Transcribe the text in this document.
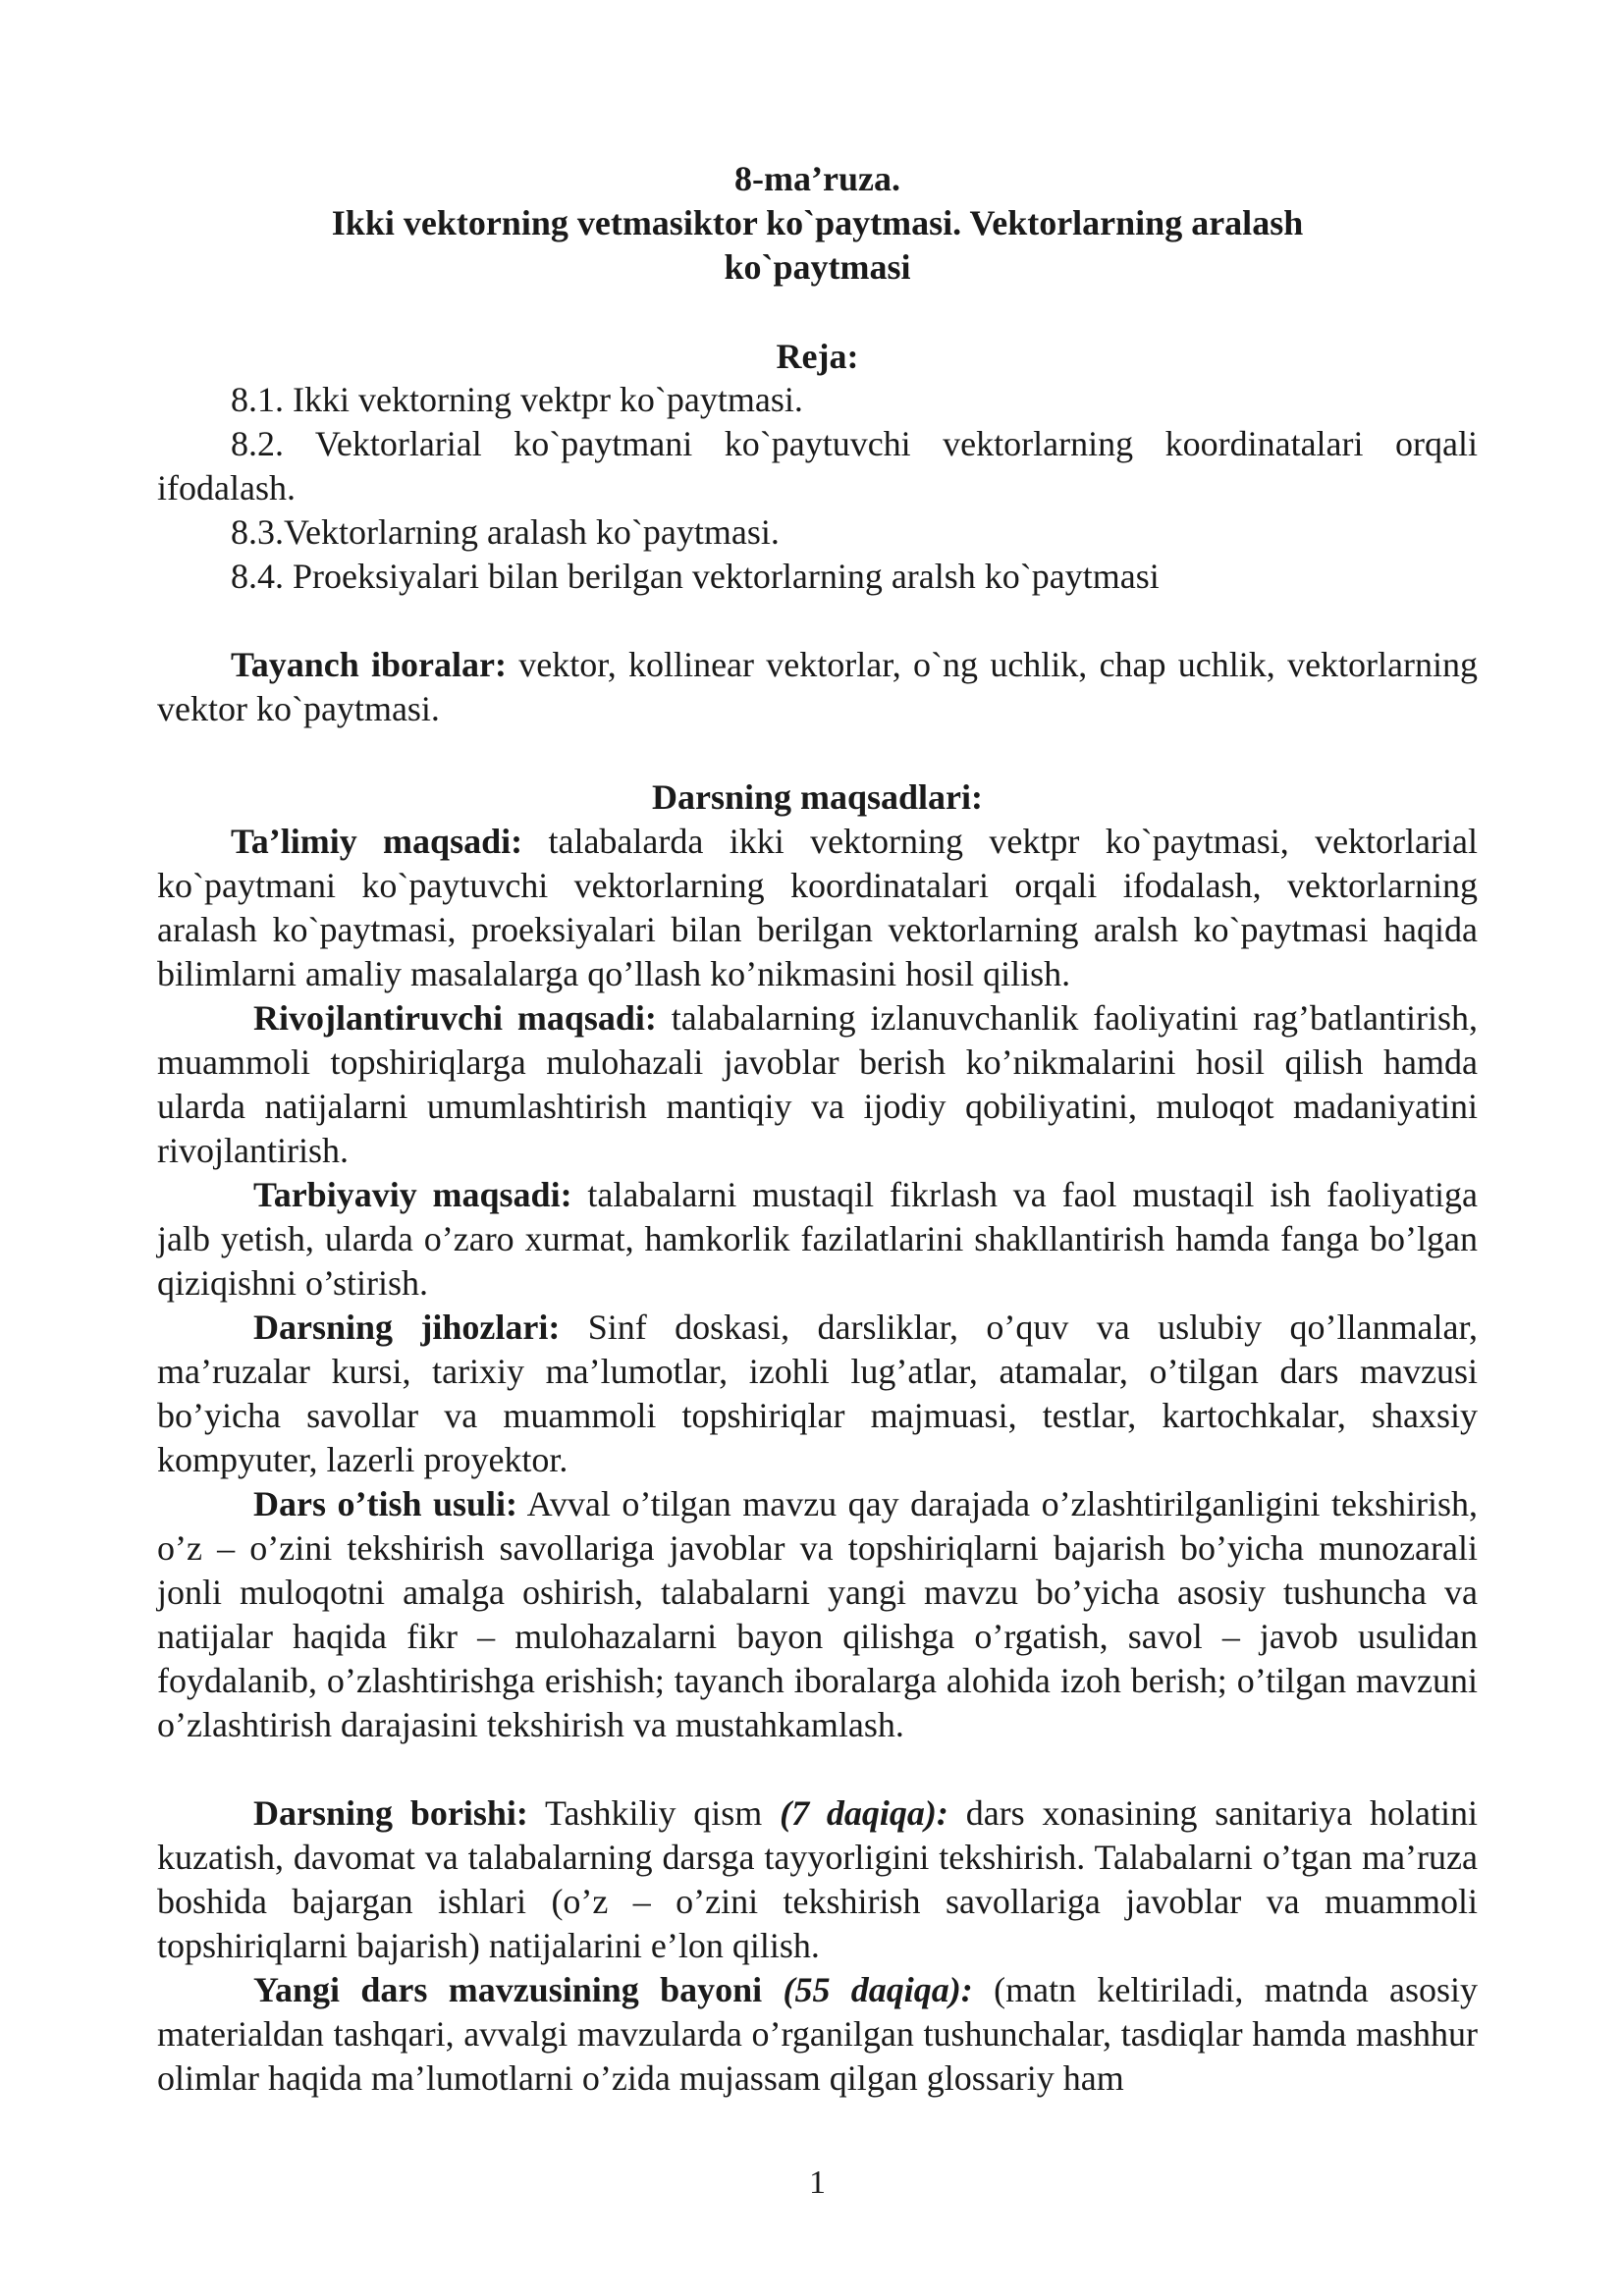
8-ma’ruza.
Ikki vektorning vetmasiktor ko`paytmasi. Vektorlarning aralash
ko`paytmasi
Reja:
8.1. Ikki vektorning vektpr ko`paytmasi.
8.2. Vektorlarial ko`paytmani ko`paytuvchi vektorlarning koordinatalari orqali ifodalash.
8.3.Vektorlarning aralash ko`paytmasi.
8.4. Proeksiyalari bilan berilgan vektorlarning aralsh ko`paytmasi
Tayanch iboralar: vektor, kollinear vektorlar, o`ng uchlik, chap uchlik, vektorlarning vektor ko`paytmasi.
Darsning maqsadlari:
Ta’limiy maqsadi: talabalarda ikki vektorning vektpr ko`paytmasi, vektorlarial ko`paytmani ko`paytuvchi vektorlarning koordinatalari orqali ifodalash, vektorlarning aralash ko`paytmasi, proeksiyalari bilan berilgan vektorlarning aralsh ko`paytmasi haqida bilimlarni amaliy masalalarga qo’llash ko’nikmasini hosil qilish.
Rivojlantiruvchi maqsadi: talabalarning izlanuvchanlik faoliyatini rag’batlantirish, muammoli topshiriqlarga mulohazali javoblar berish ko’nikmalarini hosil qilish hamda ularda natijalarni umumlashtirish mantiqiy va ijodiy qobiliyatini, muloqot madaniyatini rivojlantirish.
Tarbiyaviy maqsadi: talabalarni mustaqil fikrlash va faol mustaqil ish faoliyatiga jalb yetish, ularda o’zaro xurmat, hamkorlik fazilatlarini shakllantirish hamda fanga bo’lgan qiziqishni o’stirish.
Darsning jihozlari: Sinf doskasi, darsliklar, o’quv va uslubiy qo’llanmalar, ma’ruzalar kursi, tarixiy ma’lumotlar, izohli lug’atlar, atamalar, o’tilgan dars mavzusi bo’yicha savollar va muammoli topshiriqlar majmuasi, testlar, kartochkalar, shaxsiy kompyuter, lazerli proyektor.
Dars o’tish usuli: Avval o’tilgan mavzu qay darajada o’zlashtirilganligini tekshirish, o’z – o’zini tekshirish savollariga javoblar va topshiriqlarni bajarish bo’yicha munozarali jonli muloqotni amalga oshirish, talabalarni yangi mavzu bo’yicha asosiy tushuncha va natijalar haqida fikr – mulohazalarni bayon qilishga o’rgatish, savol – javob usulidan foydalanib, o’zlashtirishga erishish; tayanch iboralarga alohida izoh berish; o’tilgan mavzuni o’zlashtirish darajasini tekshirish va mustahkamlash.
Darsning borishi: Tashkiliy qism (7 daqiqa): dars xonasining sanitariya holatini kuzatish, davomat va talabalarning darsga tayyorligini tekshirish. Talabalarni o’tgan ma’ruza boshida bajargan ishlari (o’z – o’zini tekshirish savollariga javoblar va muammoli topshiriqlarni bajarish) natijalarini e’lon qilish.
Yangi dars mavzusining bayoni (55 daqiqa): (matn keltiriladi, matnda asosiy materialdan tashqari, avvalgi mavzularda o’rganilgan tushunchalar, tasdiqlar hamda mashhur olimlar haqida ma’lumotlarni o’zida mujassam qilgan glossariy ham
1
